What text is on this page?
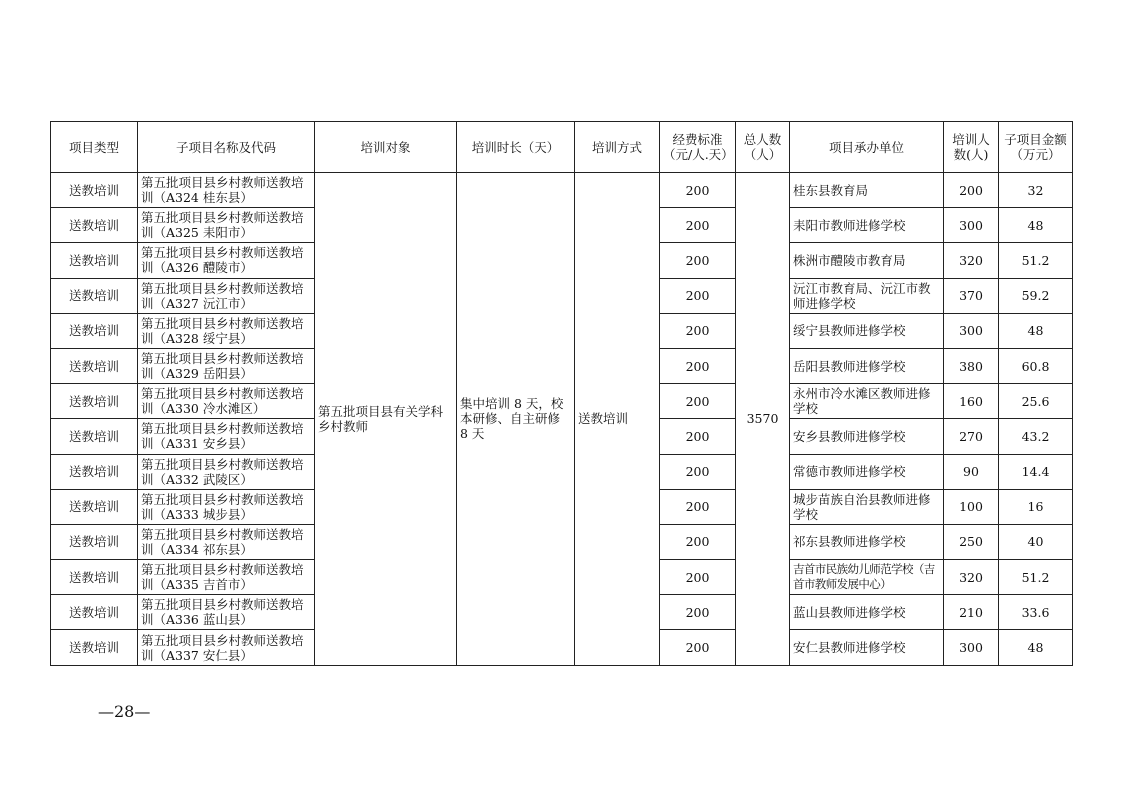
项目类型	子项目名称及代码	培训对象	培训时长（天）	培训方式	经费标准（元/人.天）	总人数（人）	项目承办单位	培训人数(人)	子项目金额（万元）
送教培训	第五批项目县乡村教师送教培训（A324 桂东县）	第五批项目县有关学科乡村教师	集中培训 8 天，校本研修、自主研修 8 天	送教培训	200	3570	桂东县教育局	200	32
送教培训	第五批项目县乡村教师送教培训（A325 耒阳市）				200		耒阳市教师进修学校	300	48
送教培训	第五批项目县乡村教师送教培训（A326 醴陵市）				200		株洲市醴陵市教育局	320	51.2
送教培训	第五批项目县乡村教师送教培训（A327 沅江市）				200		沅江市教育局、沅江市教师进修学校	370	59.2
送教培训	第五批项目县乡村教师送教培训（A328 绥宁县）				200		绥宁县教师进修学校	300	48
送教培训	第五批项目县乡村教师送教培训（A329 岳阳县）				200		岳阳县教师进修学校	380	60.8
送教培训	第五批项目县乡村教师送教培训（A330 冷水滩区）				200		永州市冷水滩区教师进修学校	160	25.6
送教培训	第五批项目县乡村教师送教培训（A331 安乡县）				200		安乡县教师进修学校	270	43.2
送教培训	第五批项目县乡村教师送教培训（A332 武陵区）				200		常德市教师进修学校	90	14.4
送教培训	第五批项目县乡村教师送教培训（A333 城步县）				200		城步苗族自治县教师进修学校	100	16
送教培训	第五批项目县乡村教师送教培训（A334 祁东县）				200		祁东县教师进修学校	250	40
送教培训	第五批项目县乡村教师送教培训（A335 吉首市）				200		吉首市民族幼儿师范学校（吉首市教师发展中心）	320	51.2
送教培训	第五批项目县乡村教师送教培训（A336 蓝山县）				200		蓝山县教师进修学校	210	33.6
送教培训	第五批项目县乡村教师送教培训（A337 安仁县）				200		安仁县教师进修学校	300	48
—28—
